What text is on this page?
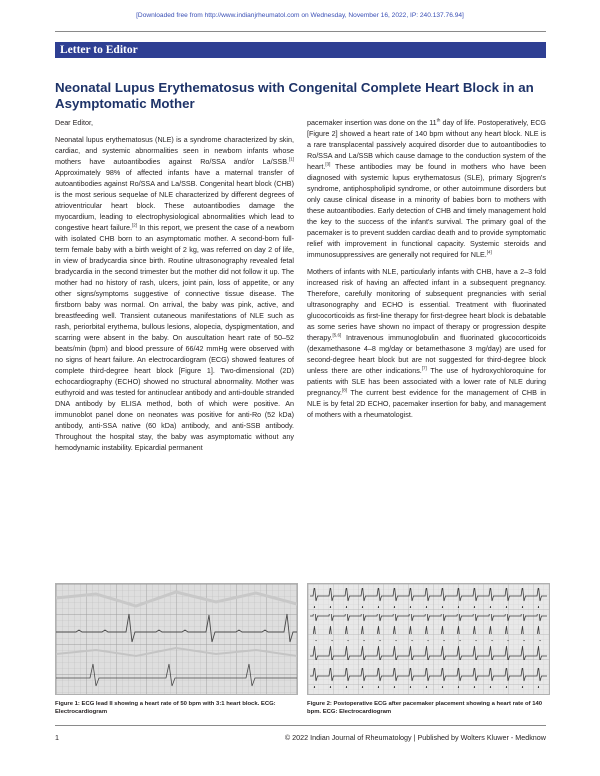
[Downloaded free from http://www.indianjrheumatol.com on Wednesday, November 16, 2022, IP: 240.137.76.94]
Letter to Editor
Neonatal Lupus Erythematosus with Congenital Complete Heart Block in an Asymptomatic Mother

Dear Editor,

Neonatal lupus erythematosus (NLE) is a syndrome characterized by skin, cardiac, and systemic abnormalities seen in newborn infants whose mothers have autoantibodies against Ro/SSA and/or La/SSB.[1] Approximately 98% of affected infants have a maternal transfer of autoantibodies against Ro/SSA and La/SSB. Congenital heart block (CHB) is the most serious sequelae of NLE characterized by different degrees of atrioventricular heart block. These autoantibodies damage the myocardium, leading to electrophysiological abnormalities which lead to congestive heart failure.[2] In this report, we present the case of a newborn with isolated CHB born to an asymptomatic mother. A second-born full-term female baby with a birth weight of 2 kg, was referred on day 2 of life, in view of bradycardia since birth. Routine ultrasonography revealed fetal bradycardia in the second trimester but the mother did not follow it up. The mother had no history of rash, ulcers, joint pain, loss of appetite, or any other signs/symptoms suggestive of connective tissue disease. The firstborn baby was normal. On arrival, the baby was pink, active, and breastfeeding well. Transient cutaneous manifestations of NLE such as rash, periorbital erythema, bullous lesions, alopecia, dyspigmentation, and scarring were absent in the baby. On auscultation heart rate of 50–52 beats/min (bpm) and blood pressure of 66/42 mmHg were observed with no signs of heart failure. An electrocardiogram (ECG) showed features of complete third-degree heart block [Figure 1]. Two-dimensional (2D) echocardiography (ECHO) showed no structural abnormality. Mother was euthyroid and was tested for antinuclear antibody and anti-double stranded DNA antibody by ELISA method, both of which were positive. An immunoblot panel done on neonates was positive for anti-Ro (52 kDa) antibody, anti-SSA native (60 kDa) antibody, and anti-SSB antibody. Throughout the hospital stay, the baby was asymptomatic without any hemodynamic instability. Epicardial permanent

pacemaker insertion was done on the 11th day of life. Postoperatively, ECG [Figure 2] showed a heart rate of 140 bpm without any heart block. NLE is a rare transplacental passively acquired disorder due to autoantibodies to Ro/SSA and La/SSB which cause damage to the conduction system of the heart.[3] These antibodies may be found in mothers who have been diagnosed with systemic lupus erythematosus (SLE), primary Sjogren's syndrome, antiphospholipid syndrome, or other autoimmune disorders but only cause clinical disease in a minority of babies born to mothers with these autoantibodies. Early detection of CHB and timely management hold the key to the success of the infant's survival. The primary goal of the pacemaker is to prevent sudden cardiac death and to provide symptomatic relief with improvement in functional capacity. Systemic steroids and immunosuppressives are generally not required for NLE.[4]

Mothers of infants with NLE, particularly infants with CHB, have a 2–3 fold increased risk of having an affected infant in a subsequent pregnancy. Therefore, carefully monitoring of subsequent pregnancies with serial ultrasonography and ECHO is essential. Treatment with fluorinated glucocorticoids as first-line therapy for first-degree heart block is debatable as some series have shown no impact of therapy or progression despite therapy.[5,6] Intravenous immunoglobulin and fluorinated glucocorticoids (dexamethasone 4–8 mg/day or betamethasone 3 mg/day) are used for second-degree heart block but are not suggested for third-degree block unless there are other indications.[7] The use of hydroxychloroquine for patients with SLE has been associated with a lower rate of NLE during pregnancy.[8] The current best evidence for the management of CHB in NLE is by fetal 2D ECHO, pacemaker insertion for baby, and management of mothers with a rheumatologist.

Figure 1: ECG lead II showing a heart rate of 50 bpm with 3:1 heart block. ECG: Electrocardiogram
Figure 2: Postoperative ECG after pacemaker placement showing a heart rate of 140 bpm. ECG: Electrocardiogram
1	© 2022 Indian Journal of Rheumatology | Published by Wolters Kluwer - Medknow
